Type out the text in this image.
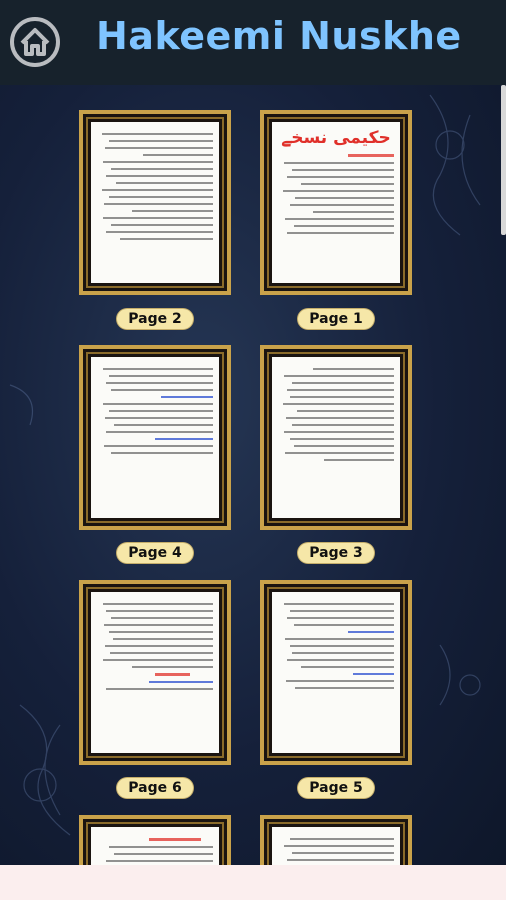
Hakeemi Nuskhe
حکیمی نسخے
Page 1
Page 2
Page 3
Page 4
Page 5
Page 6
